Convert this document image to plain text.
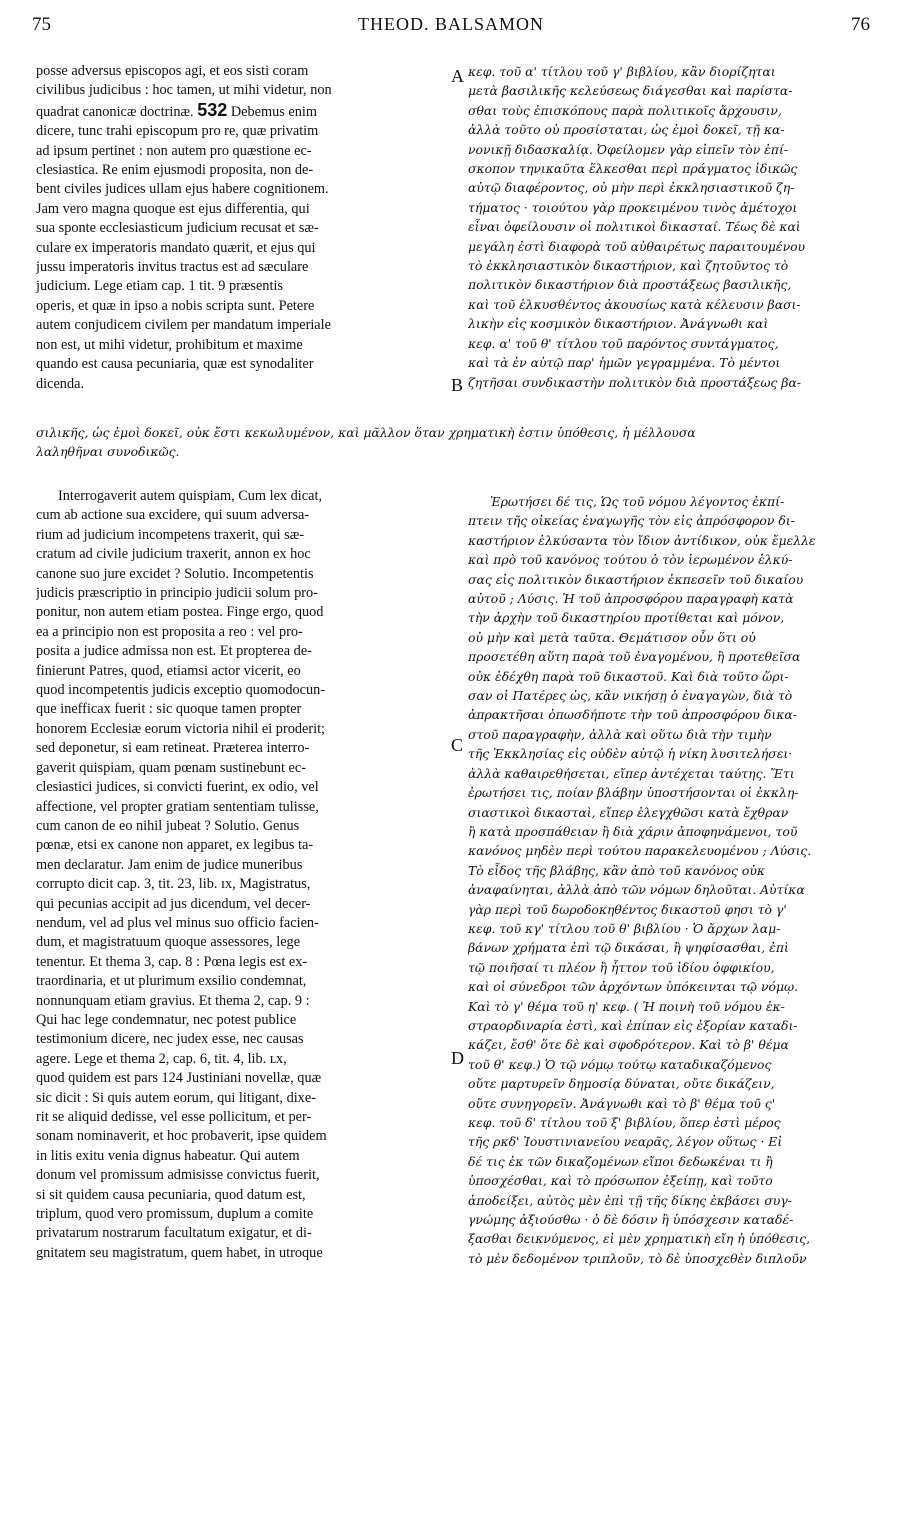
75	THEOD. BALSAMON	76
A
B
C
D
posse adversus episcopos agi, et eos sisti coram
civilibus judicibus : hoc tamen, ut mihi videtur, non
quadrat canonicæ doctrinæ. 532 Debemus enim
dicere, tunc trahi episcopum pro re, quæ privatim
ad ipsum pertinet : non autem pro quæstione ec-
clesiastica. Re enim ejusmodi proposita, non de-
bent civiles judices ullam ejus habere cognitionem.
Jam vero magna quoque est ejus differentia, qui
sua sponte ecclesiasticum judicium recusat et sæ-
culare ex imperatoris mandato quærit, et ejus qui
jussu imperatoris invitus tractus est ad sæculare
judicium. Lege etiam cap. 1 tit. 9 præsentis
operis, et quæ in ipso a nobis scripta sunt. Petere
autem conjudicem civilem per mandatum imperiale
non est, ut mihi videtur, prohibitum et maxime
quando est causa pecuniaria, quæ est synodaliter
dicenda.
κεφ. τοῦ α' τίτλου τοῦ γ' βιβλίου, κἂν διορίζηται
μετὰ βασιλικῆς κελεύσεως διάγεσθαι καὶ παρίστα-
σθαι τοὺς ἐπισκόπους παρὰ πολιτικοῖς ἄρχουσιν,
ἀλλὰ τοῦτο οὐ προσίσταται, ὡς ἐμοὶ δοκεῖ, τῇ κα-
νονικῇ διδασκαλίᾳ. Ὀφείλομεν γὰρ εἰπεῖν τὸν ἐπί-
σκοπον τηνικαῦτα ἕλκεσθαι περὶ πράγματος ἰδικῶς
αὐτῷ διαφέροντος, οὐ μὴν περὶ ἐκκλησιαστικοῦ ζη-
τήματος · τοιούτου γὰρ προκειμένου τινὸς ἀμέτοχοι
εἶναι ὀφείλουσιν οἱ πολιτικοὶ δικασταί. Τέως δὲ καὶ
μεγάλη ἐστὶ διαφορὰ τοῦ αὐθαιρέτως παραιτουμένου
τὸ ἐκκλησιαστικὸν δικαστήριον, καὶ ζητοῦντος τὸ
πολιτικὸν δικαστήριον διὰ προστάξεως βασιλικῆς,
καὶ τοῦ ἑλκυσθέντος ἀκουσίως κατὰ κέλευσιν βασι-
λικὴν εἰς κοσμικὸν δικαστήριον. Ἀνάγνωθι καὶ
κεφ. α' τοῦ θ' τίτλου τοῦ παρόντος συντάγματος,
καὶ τὰ ἐν αὐτῷ παρ' ἡμῶν γεγραμμένα. Τὸ μέντοι
ζητῆσαι συνδικαστὴν πολιτικὸν διὰ προστάξεως βα-
σιλικῆς, ὡς ἐμοὶ δοκεῖ, οὐκ ἔστι κεκωλυμένον, καὶ μᾶλλον ὅταν χρηματικὴ ἐστιν ὑπόθεσις, ἡ μέλλουσα
λαληθῆναι συνοδικῶς.
Interrogaverit autem quispiam, Cum lex dicat,
cum ab actione sua excidere, qui suum adversa-
rium ad judicium incompetens traxerit, qui sæ-
cratum ad civile judicium traxerit, annon ex hoc
canone suo jure excidet ? Solutio. Incompetentis
judicis præscriptio in principio judicii solum pro-
ponitur, non autem etiam postea. Finge ergo, quod
ea a principio non est proposita a reo : vel pro-
posita a judice admissa non est. Et propterea de-
finierunt Patres, quod, etiamsi actor vicerit, eo
quod incompetentis judicis exceptio quomodocun-
que inefficax fuerit : sic quoque tamen propter
honorem Ecclesiæ eorum victoria nihil ei proderit;
sed deponetur, si eam retineat. Præterea interro-
gaverit quispiam, quam pœnam sustinebunt ec-
clesiastici judices, si convicti fuerint, ex odio, vel
affectione, vel propter gratiam sententiam tulisse,
cum canon de eo nihil jubeat ? Solutio. Genus
pœnæ, etsi ex canone non apparet, ex legibus ta-
men declaratur. Jam enim de judice muneribus
corrupto dicit cap. 3, tit. 23, lib. ıx, Magistratus,
qui pecunias accipit ad jus dicendum, vel decer-
nendum, vel ad plus vel minus suo officio facien-
dum, et magistratuum quoque assessores, lege
tenentur. Et thema 3, cap. 8 : Pœna legis est ex-
traordinaria, et ut plurimum exsilio condemnat,
nonnunquam etiam gravius. Et thema 2, cap. 9 :
Qui hac lege condemnatur, nec potest publice
testimonium dicere, nec judex esse, nec causas
agere. Lege et thema 2, cap. 6, tit. 4, lib. ʟx,
quod quidem est pars 124 Justiniani novellæ, quæ
sic dicit : Si quis autem eorum, qui litigant, dixe-
rit se aliquid dedisse, vel esse pollicitum, et per-
sonam nominaverit, et hoc probaverit, ipse quidem
in litis exitu venia dignus habeatur. Qui autem
donum vel promissum admisisse convictus fuerit,
si sit quidem causa pecuniaria, quod datum est,
triplum, quod vero promissum, duplum a comite
privatarum nostrarum facultatum exigatur, et di-
gnitatem seu magistratum, quem habet, in utroque
Ἐρωτήσει δέ τις, Ὡς τοῦ νόμου λέγοντος ἐκπί-
πτειν τῆς οἰκείας ἐναγωγῆς τὸν εἰς ἀπρόσφορον δι-
καστήριον ἑλκύσαντα τὸν ἴδιον ἀντίδικον, οὐκ ἔμελλε
καὶ πρὸ τοῦ κανόνος τούτου ὁ τὸν ἱερωμένον ἑλκύ-
σας εἰς πολιτικὸν δικαστήριον ἐκπεσεῖν τοῦ δικαίου
αὐτοῦ ; Λύσις. Ἡ τοῦ ἀπροσφόρου παραγραφὴ κατὰ
τὴν ἀρχὴν τοῦ δικαστηρίου προτίθεται καὶ μόνον,
οὐ μὴν καὶ μετὰ ταῦτα. Θεμάτισον οὖν ὅτι οὐ
προσετέθη αὕτη παρὰ τοῦ ἐναγομένου, ἢ προτεθεῖσα
οὐκ ἐδέχθη παρὰ τοῦ δικαστοῦ. Καὶ διὰ τοῦτο ὥρι-
σαν οἱ Πατέρες ὡς, κἂν νικήσῃ ὁ ἐναγαγὼν, διὰ τὸ
ἀπρακτῆσαι ὁπωσδήποτε τὴν τοῦ ἀπροσφόρου δικα-
στοῦ παραγραφὴν, ἀλλὰ καὶ οὕτω διὰ τὴν τιμὴν
τῆς Ἐκκλησίας εἰς οὐδὲν αὐτῷ ἡ νίκη λυσιτελήσει·
ἀλλὰ καθαιρεθήσεται, εἴπερ ἀντέχεται ταύτης. Ἔτι
ἐρωτήσει τις, ποίαν βλάβην ὑποστήσονται οἱ ἐκκλη-
σιαστικοὶ δικασταὶ, εἴπερ ἐλεγχθῶσι κατὰ ἔχθραν
ἢ κατὰ προσπάθειαν ἢ διὰ χάριν ἀποφηνάμενοι, τοῦ
κανόνος μηδὲν περὶ τούτου παρακελευομένου ; Λύσις.
Τὸ εἶδος τῆς βλάβης, κἂν ἀπὸ τοῦ κανόνος οὐκ
ἀναφαίνηται, ἀλλὰ ἀπὸ τῶν νόμων δηλοῦται. Αὐτίκα
γὰρ περὶ τοῦ δωροδοκηθέντος δικαστοῦ φησι τὸ γ'
κεφ. τοῦ κγ' τίτλου τοῦ θ' βιβλίου · Ὁ ἄρχων λαμ-
βάνων χρήματα ἐπὶ τῷ δικάσαι, ἢ ψηφίσασθαι, ἐπὶ
τῷ ποιῆσαί τι πλέον ἢ ἧττον τοῦ ἰδίου ὀφφικίου,
καὶ οἱ σύνεδροι τῶν ἀρχόντων ὑπόκεινται τῷ νόμῳ.
Καὶ τὸ γ' θέμα τοῦ η' κεφ. ( Ἡ ποινὴ τοῦ νόμου ἐκ-
στραορδιναρία ἐστὶ, καὶ ἐπίπαν εἰς ἐξορίαν καταδι-
κάζει, ἔσθ' ὅτε δὲ καὶ σφοδρότερον. Καὶ τὸ β' θέμα
τοῦ θ' κεφ.) Ὁ τῷ νόμῳ τούτῳ καταδικαζόμενος
οὔτε μαρτυρεῖν δημοσίᾳ δύναται, οὔτε δικάζειν,
οὔτε συνηγορεῖν. Ἀνάγνωθι καὶ τὸ β' θέμα τοῦ ς'
κεφ. τοῦ δ' τίτλου τοῦ ξ' βιβλίου, ὅπερ ἐστὶ μέρος
τῆς ρκδ' Ἰουστινιανείου νεαρᾶς, λέγον οὕτως · Εἰ
δέ τις ἐκ τῶν δικαζομένων εἴποι δεδωκέναι τι ἢ
ὑποσχέσθαι, καὶ τὸ πρόσωπον ἐξείπῃ, καὶ τοῦτο
ἀποδείξει, αὐτὸς μὲν ἐπὶ τῇ τῆς δίκης ἐκβάσει συγ-
γνώμης ἀξιούσθω · ὁ δὲ δόσιν ἢ ὑπόσχεσιν καταδέ-
ξασθαι δεικνύμενος, εἰ μὲν χρηματικὴ εἴη ἡ ὑπόθεσις,
τὸ μὲν δεδομένον τριπλοῦν, τὸ δὲ ὑποσχεθὲν διπλοῦν
